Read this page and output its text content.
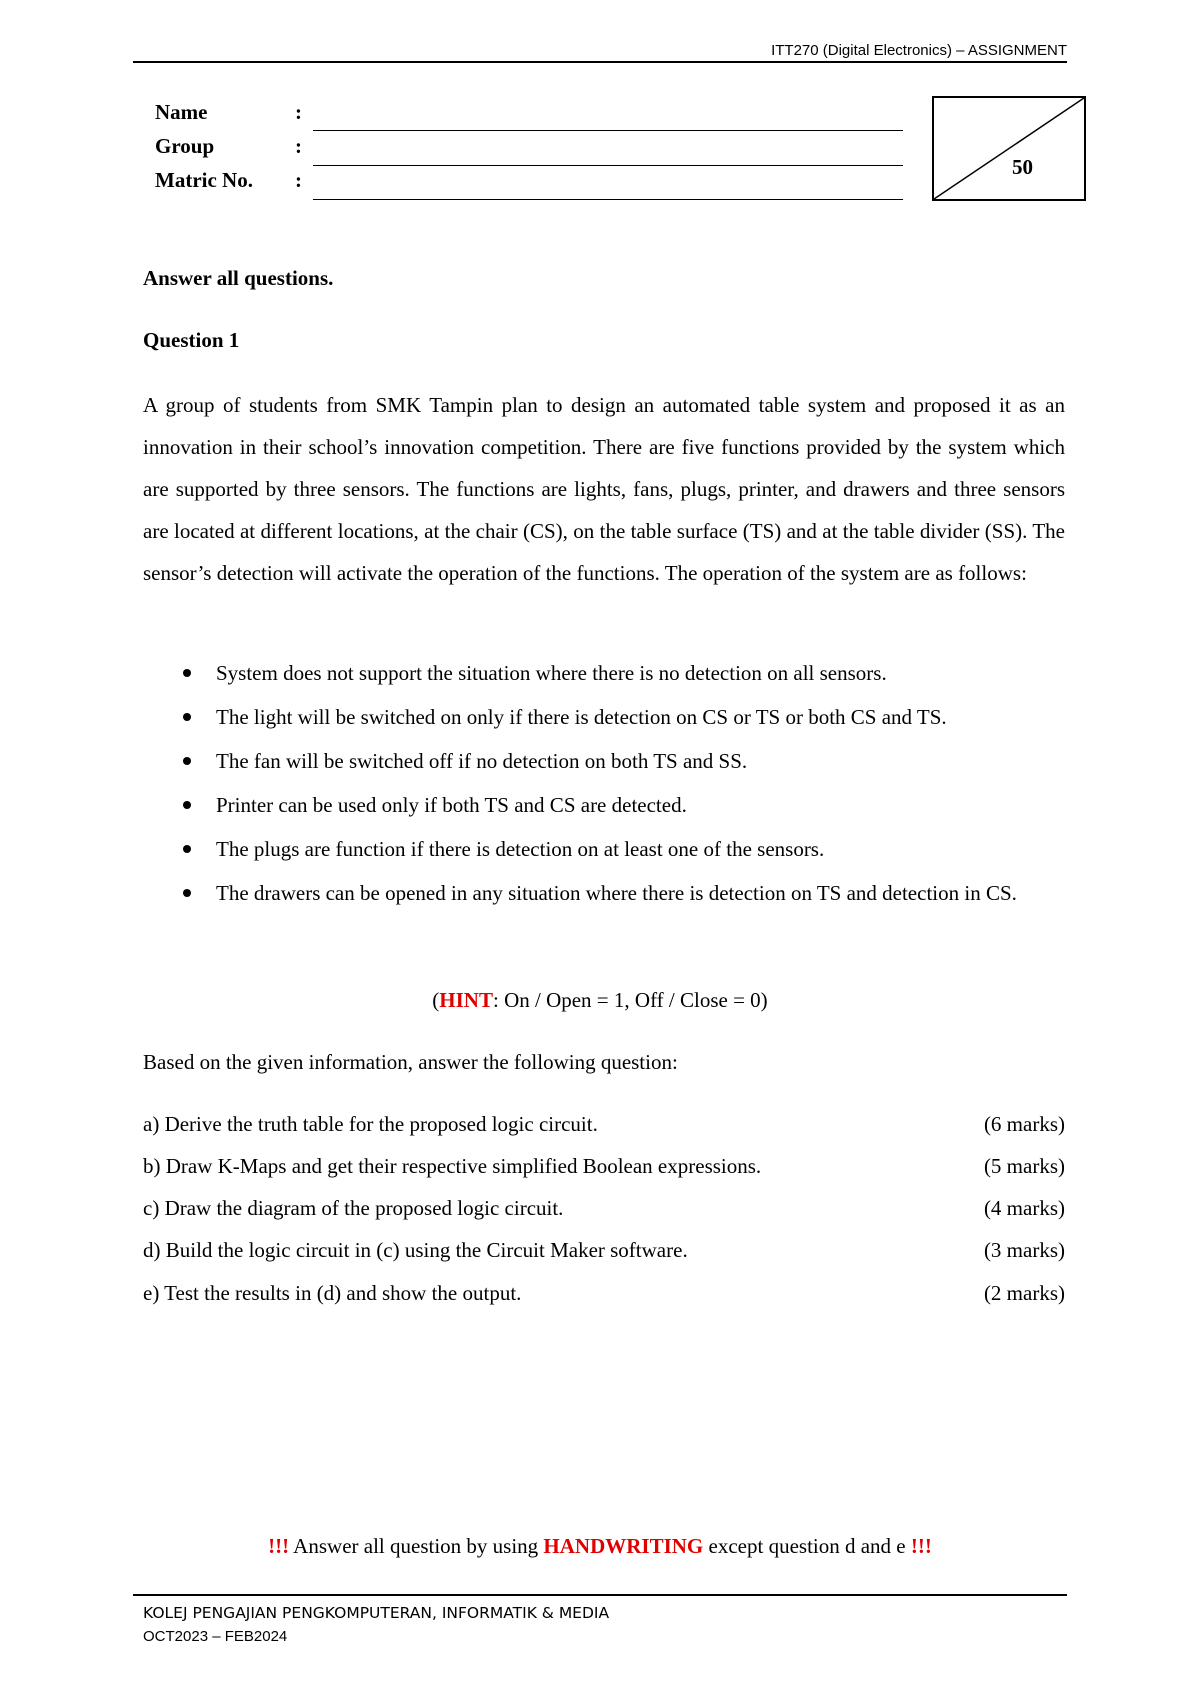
ITT270 (Digital Electronics) – ASSIGNMENT
Name	:
Group	:
Matric No. :
50
Answer all questions.
Question 1
A group of students from SMK Tampin plan to design an automated table system and proposed it as an innovation in their school’s innovation competition. There are five functions provided by the system which are supported by three sensors. The functions are lights, fans, plugs, printer, and drawers and three sensors are located at different locations, at the chair (CS), on the table surface (TS) and at the table divider (SS). The sensor’s detection will activate the operation of the functions. The operation of the system are as follows:
System does not support the situation where there is no detection on all sensors.
The light will be switched on only if there is detection on CS or TS or both CS and TS.
The fan will be switched off if no detection on both TS and SS.
Printer can be used only if both TS and CS are detected.
The plugs are function if there is detection on at least one of the sensors.
The drawers can be opened in any situation where there is detection on TS and detection in CS.
(HINT: On / Open = 1, Off / Close = 0)
Based on the given information, answer the following question:
a) Derive the truth table for the proposed logic circuit.	(6 marks)
b) Draw K-Maps and get their respective simplified Boolean expressions.	(5 marks)
c) Draw the diagram of the proposed logic circuit.	(4 marks)
d) Build the logic circuit in (c) using the Circuit Maker software.	(3 marks)
e) Test the results in (d) and show the output.	(2 marks)
!!! Answer all question by using HANDWRITING except question d and e !!!
KOLEJ PENGAJIAN PENGKOMPUTERAN, INFORMATIK & MEDIA
OCT2023 – FEB2024
